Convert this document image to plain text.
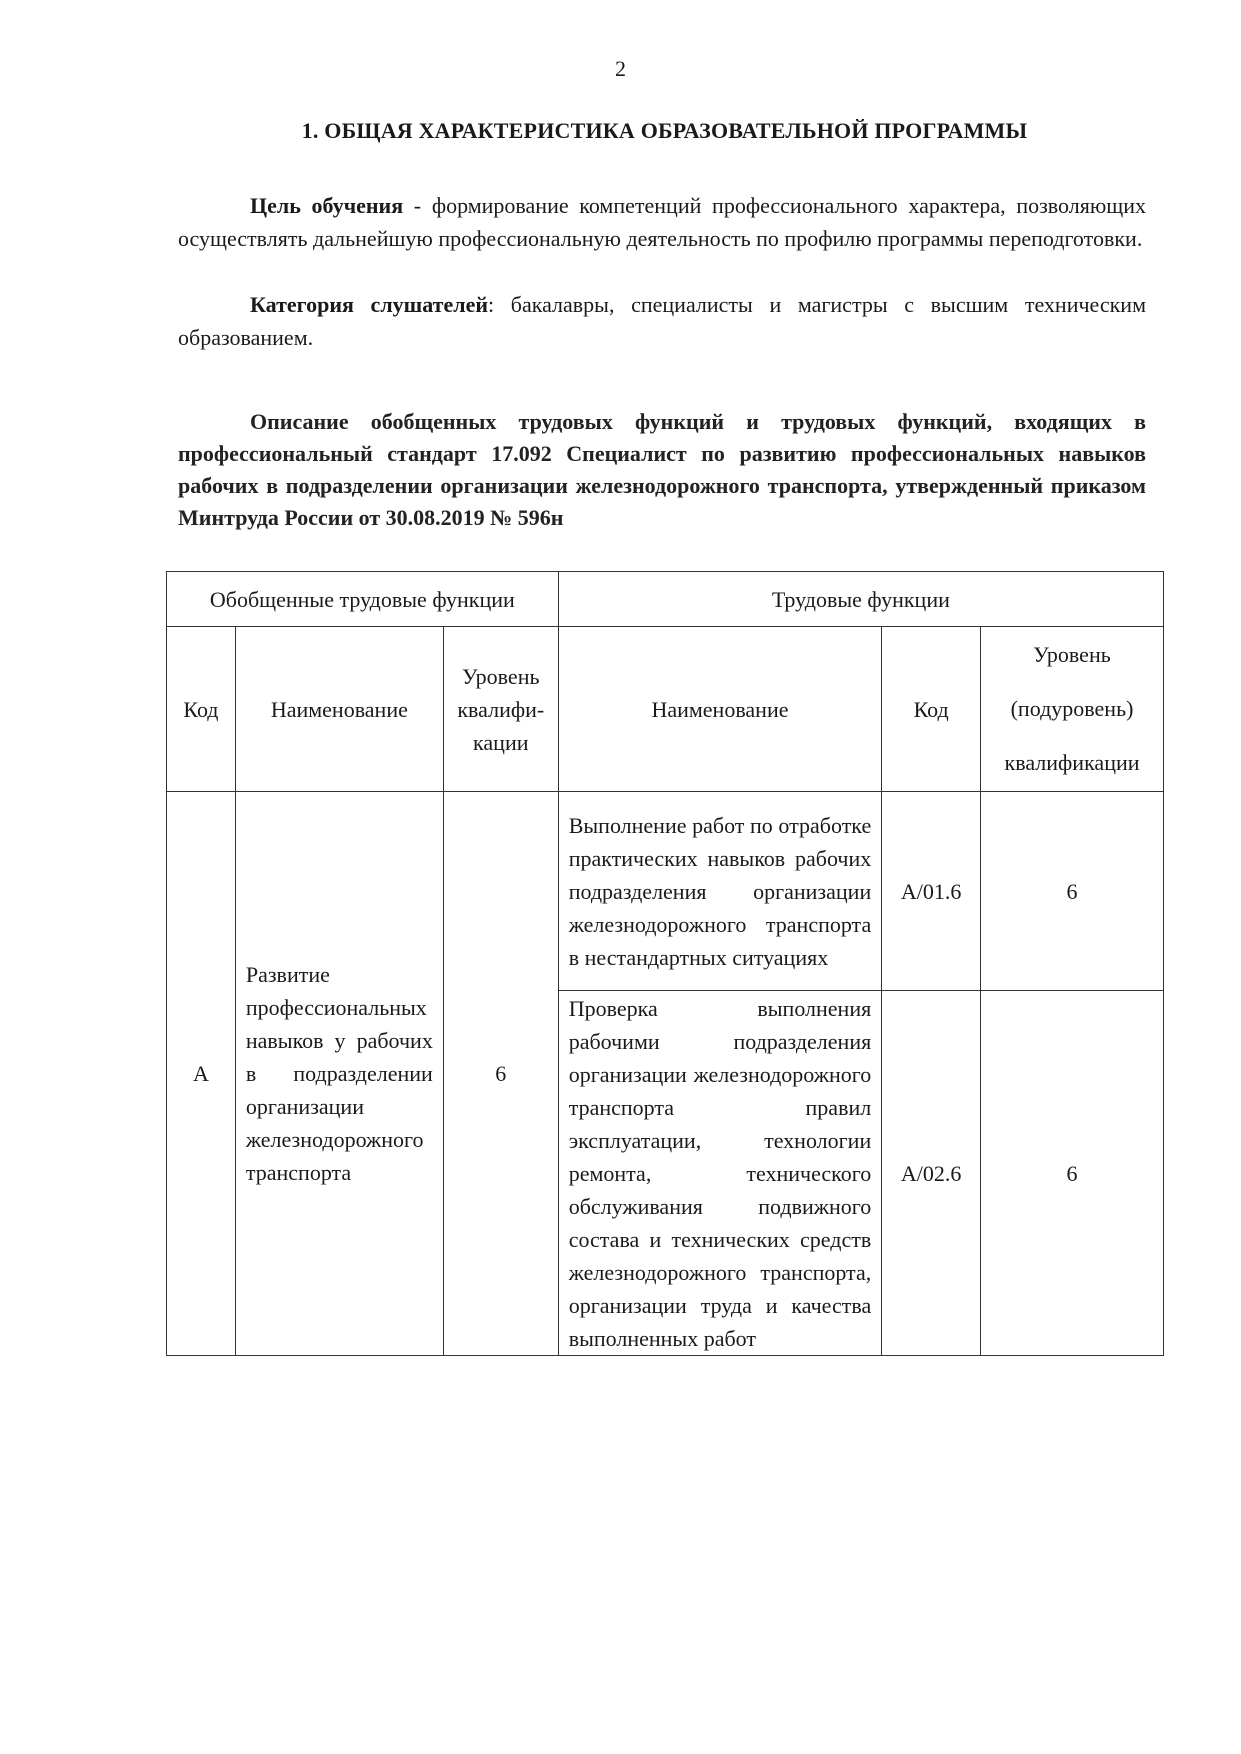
2
1. ОБЩАЯ ХАРАКТЕРИСТИКА ОБРАЗОВАТЕЛЬНОЙ ПРОГРАММЫ
Цель обучения - формирование компетенций профессионального характера, позволяющих осуществлять дальнейшую профессиональную деятельность по профилю программы переподготовки.
Категория слушателей: бакалавры, специалисты и магистры с высшим техническим образованием.
Описание обобщенных трудовых функций и трудовых функций, входящих в профессиональный стандарт 17.092 Специалист по развитию профессиональных навыков рабочих в подразделении организации железнодорожного транспорта, утвержденный приказом Минтруда России от 30.08.2019 № 596н
Обобщенные трудовые функции			Трудовые функции		
Код	Наименование	Уровень квалифи-кации	Наименование	Код	Уровень (подуровень) квалификации
А	Развитие профессиональных навыков у рабочих в подразделении организации железнодорожного транспорта	6	Выполнение работ по отработке практических навыков рабочих подразделения организации железнодорожного транспорта в нестандартных ситуациях	А/01.6	6
			Проверка выполнения рабочими подразделения организации железнодорожного транспорта правил эксплуатации, технологии ремонта, технического обслуживания подвижного состава и технических средств железнодорожного транспорта, организации труда и качества выполненных работ	А/02.6	6
